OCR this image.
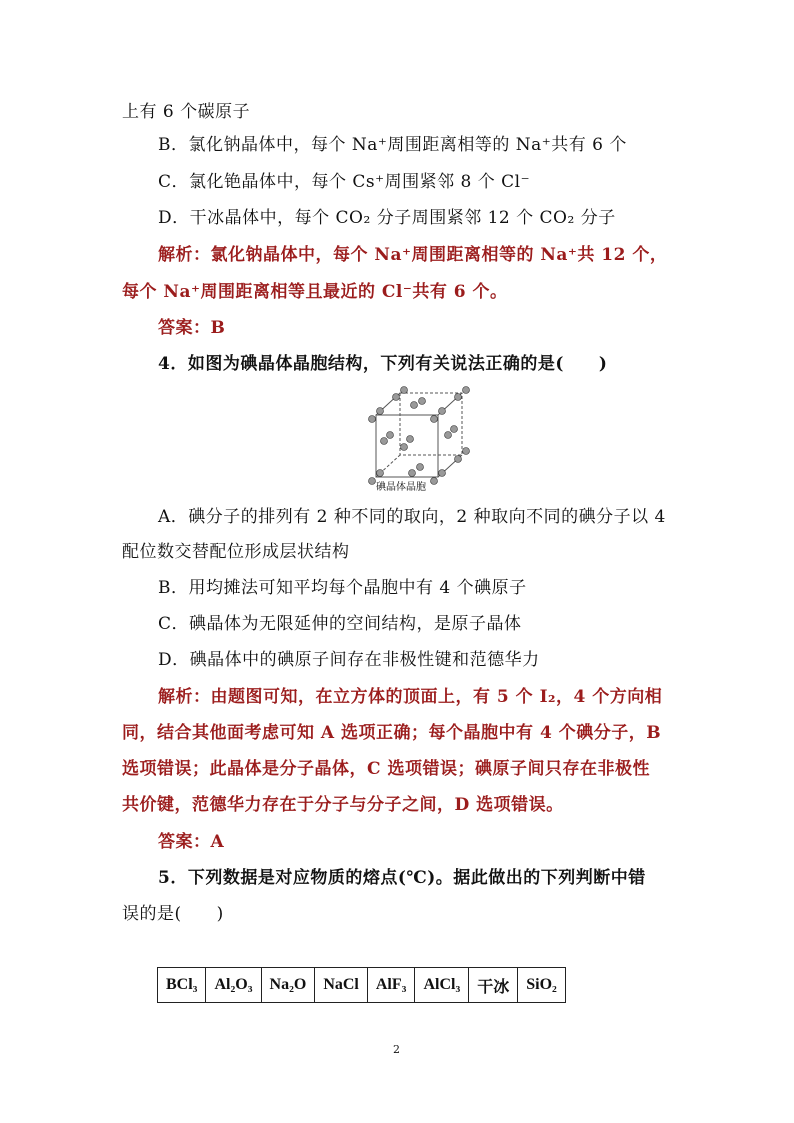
上有 6 个碳原子
B．氯化钠晶体中，每个 Na⁺周围距离相等的 Na⁺共有 6 个
C．氯化铯晶体中，每个 Cs⁺周围紧邻 8 个 Cl⁻
D．干冰晶体中，每个 CO₂ 分子周围紧邻 12 个 CO₂ 分子
解析：氯化钠晶体中，每个 Na⁺周围距离相等的 Na⁺共 12 个，
每个 Na⁺周围距离相等且最近的 Cl⁻共有 6 个。
答案：B
4．如图为碘晶体晶胞结构，下列有关说法正确的是(　　)
碘晶体晶胞
A．碘分子的排列有 2 种不同的取向，2 种取向不同的碘分子以 4
配位数交替配位形成层状结构
B．用均摊法可知平均每个晶胞中有 4 个碘原子
C．碘晶体为无限延伸的空间结构，是原子晶体
D．碘晶体中的碘原子间存在非极性键和范德华力
解析：由题图可知，在立方体的顶面上，有 5 个 I₂，4 个方向相
同，结合其他面考虑可知 A 选项正确；每个晶胞中有 4 个碘分子，B
选项错误；此晶体是分子晶体，C 选项错误；碘原子间只存在非极性
共价键，范德华力存在于分子与分子之间，D 选项错误。
答案：A
5．下列数据是对应物质的熔点(℃)。据此做出的下列判断中错
误的是(　　)
BCl₃	Al₂O₃	Na₂O	NaCl	AlF₃	AlCl₃	干冰	SiO₂
2
